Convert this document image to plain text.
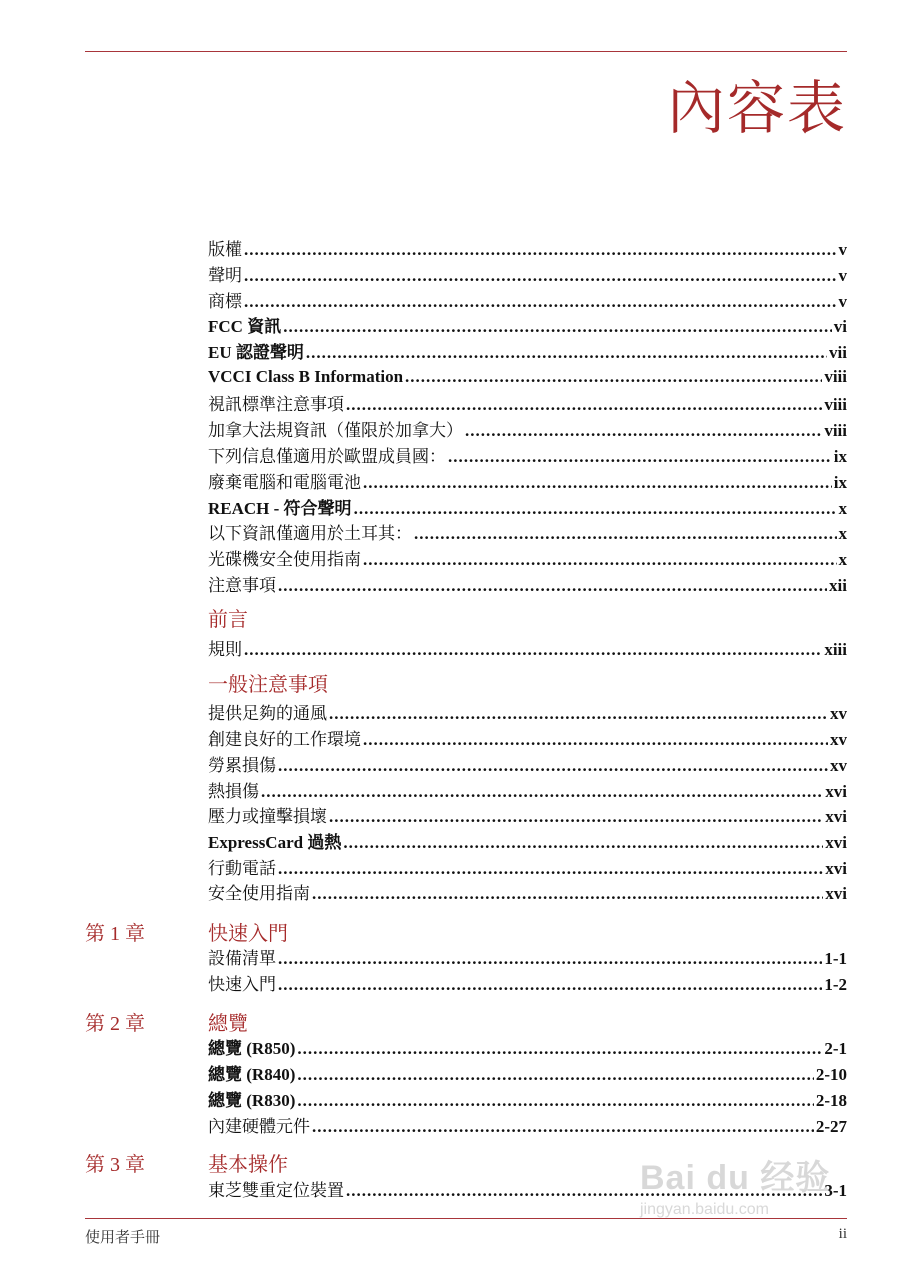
內容表
版權 .....	v
聲明 .....	v
商標 .....	v
FCC 資訊 .....	vi
EU 認證聲明 .....	vii
VCCI Class B Information .....	viii
視訊標準注意事項 .....	viii
加拿大法規資訊（僅限於加拿大） .....	viii
下列信息僅適用於歐盟成員國： .....	ix
廢棄電腦和電腦電池 .....	ix
REACH - 符合聲明 .....	x
以下資訊僅適用於土耳其： .....	x
光碟機安全使用指南 .....	x
注意事項 .....	xii
前言
規則 .....	xiii
一般注意事項
提供足夠的通風 .....	xv
創建良好的工作環境 .....	xv
勞累損傷 .....	xv
熱損傷 .....	xvi
壓力或撞擊損壞 .....	xvi
ExpressCard 過熱 .....	xvi
行動電話 .....	xvi
安全使用指南 .....	xvi
第 1 章	快速入門
設備清單 .....	1-1
快速入門 .....	1-2
第 2 章	總覽
總覽 (R850) .....	2-1
總覽 (R840) .....	2-10
總覽 (R830) .....	2-18
內建硬體元件 .....	2-27
第 3 章	基本操作
東芝雙重定位裝置 .....	3-1
使用者手冊	ii
Bai du 经验
jingyan.baidu.com
